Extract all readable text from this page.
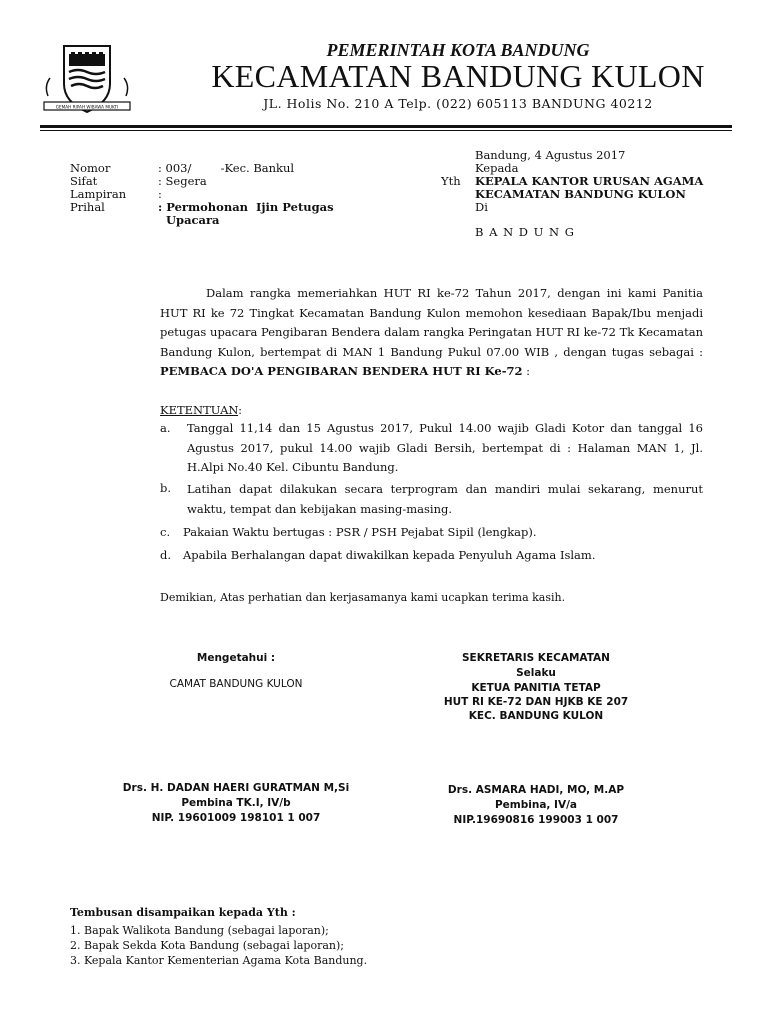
GEMAH RIPAH WIBAWA MUKTI
PEMERINTAH KOTA BANDUNG
KECAMATAN BANDUNG KULON
JL. Holis No. 210 A Telp. (022) 605113 BANDUNG 40212
Nomor	: 003/        -Kec. Bankul
Sifat	: Segera
Lampiran	:
Prihal	: Permohonan  Ijin Petugas
Upacara
Bandung, 4 Agustus 2017
Kepada
Yth KEPALA KANTOR URUSAN AGAMA
KECAMATAN BANDUNG KULON
Di
B A N D U N G
Dalam rangka memeriahkan HUT RI ke-72 Tahun 2017, dengan ini kami Panitia HUT RI ke 72 Tingkat Kecamatan Bandung Kulon memohon kesediaan Bapak/Ibu menjadi petugas upacara Pengibaran Bendera dalam rangka Peringatan HUT RI ke-72 Tk Kecamatan Bandung Kulon, bertempat di MAN 1 Bandung Pukul 07.00 WIB , dengan tugas sebagai : PEMBACA DO'A PENGIBARAN BENDERA HUT RI Ke-72 :
KETENTUAN:
a. Tanggal 11,14 dan 15 Agustus 2017, Pukul 14.00 wajib Gladi Kotor dan tanggal 16 Agustus 2017, pukul 14.00 wajib Gladi Bersih, bertempat di : Halaman MAN 1, Jl. H.Alpi No.40 Kel. Cibuntu Bandung.
b. Latihan dapat dilakukan secara terprogram dan mandiri mulai sekarang, menurut waktu, tempat dan kebijakan masing-masing.
c. Pakaian Waktu bertugas : PSR / PSH Pejabat Sipil (lengkap).
d. Apabila Berhalangan dapat diwakilkan kepada Penyuluh Agama Islam.
Demikian, Atas perhatian dan kerjasamanya kami ucapkan terima kasih.
Mengetahui :
CAMAT BANDUNG KULON
Drs. H. DADAN HAERI GURATMAN M,Si
Pembina TK.I, IV/b
NIP. 19601009 198101 1 007
SEKRETARIS KECAMATAN
Selaku
KETUA PANITIA TETAP
HUT RI KE-72 DAN HJKB KE 207
KEC. BANDUNG KULON
Drs. ASMARA HADI, MO, M.AP
Pembina, IV/a
NIP.19690816 199003 1 007
Tembusan disampaikan kepada Yth :
1. Bapak Walikota Bandung (sebagai laporan);
2. Bapak Sekda Kota Bandung (sebagai laporan);
3. Kepala Kantor Kementerian Agama Kota Bandung.
